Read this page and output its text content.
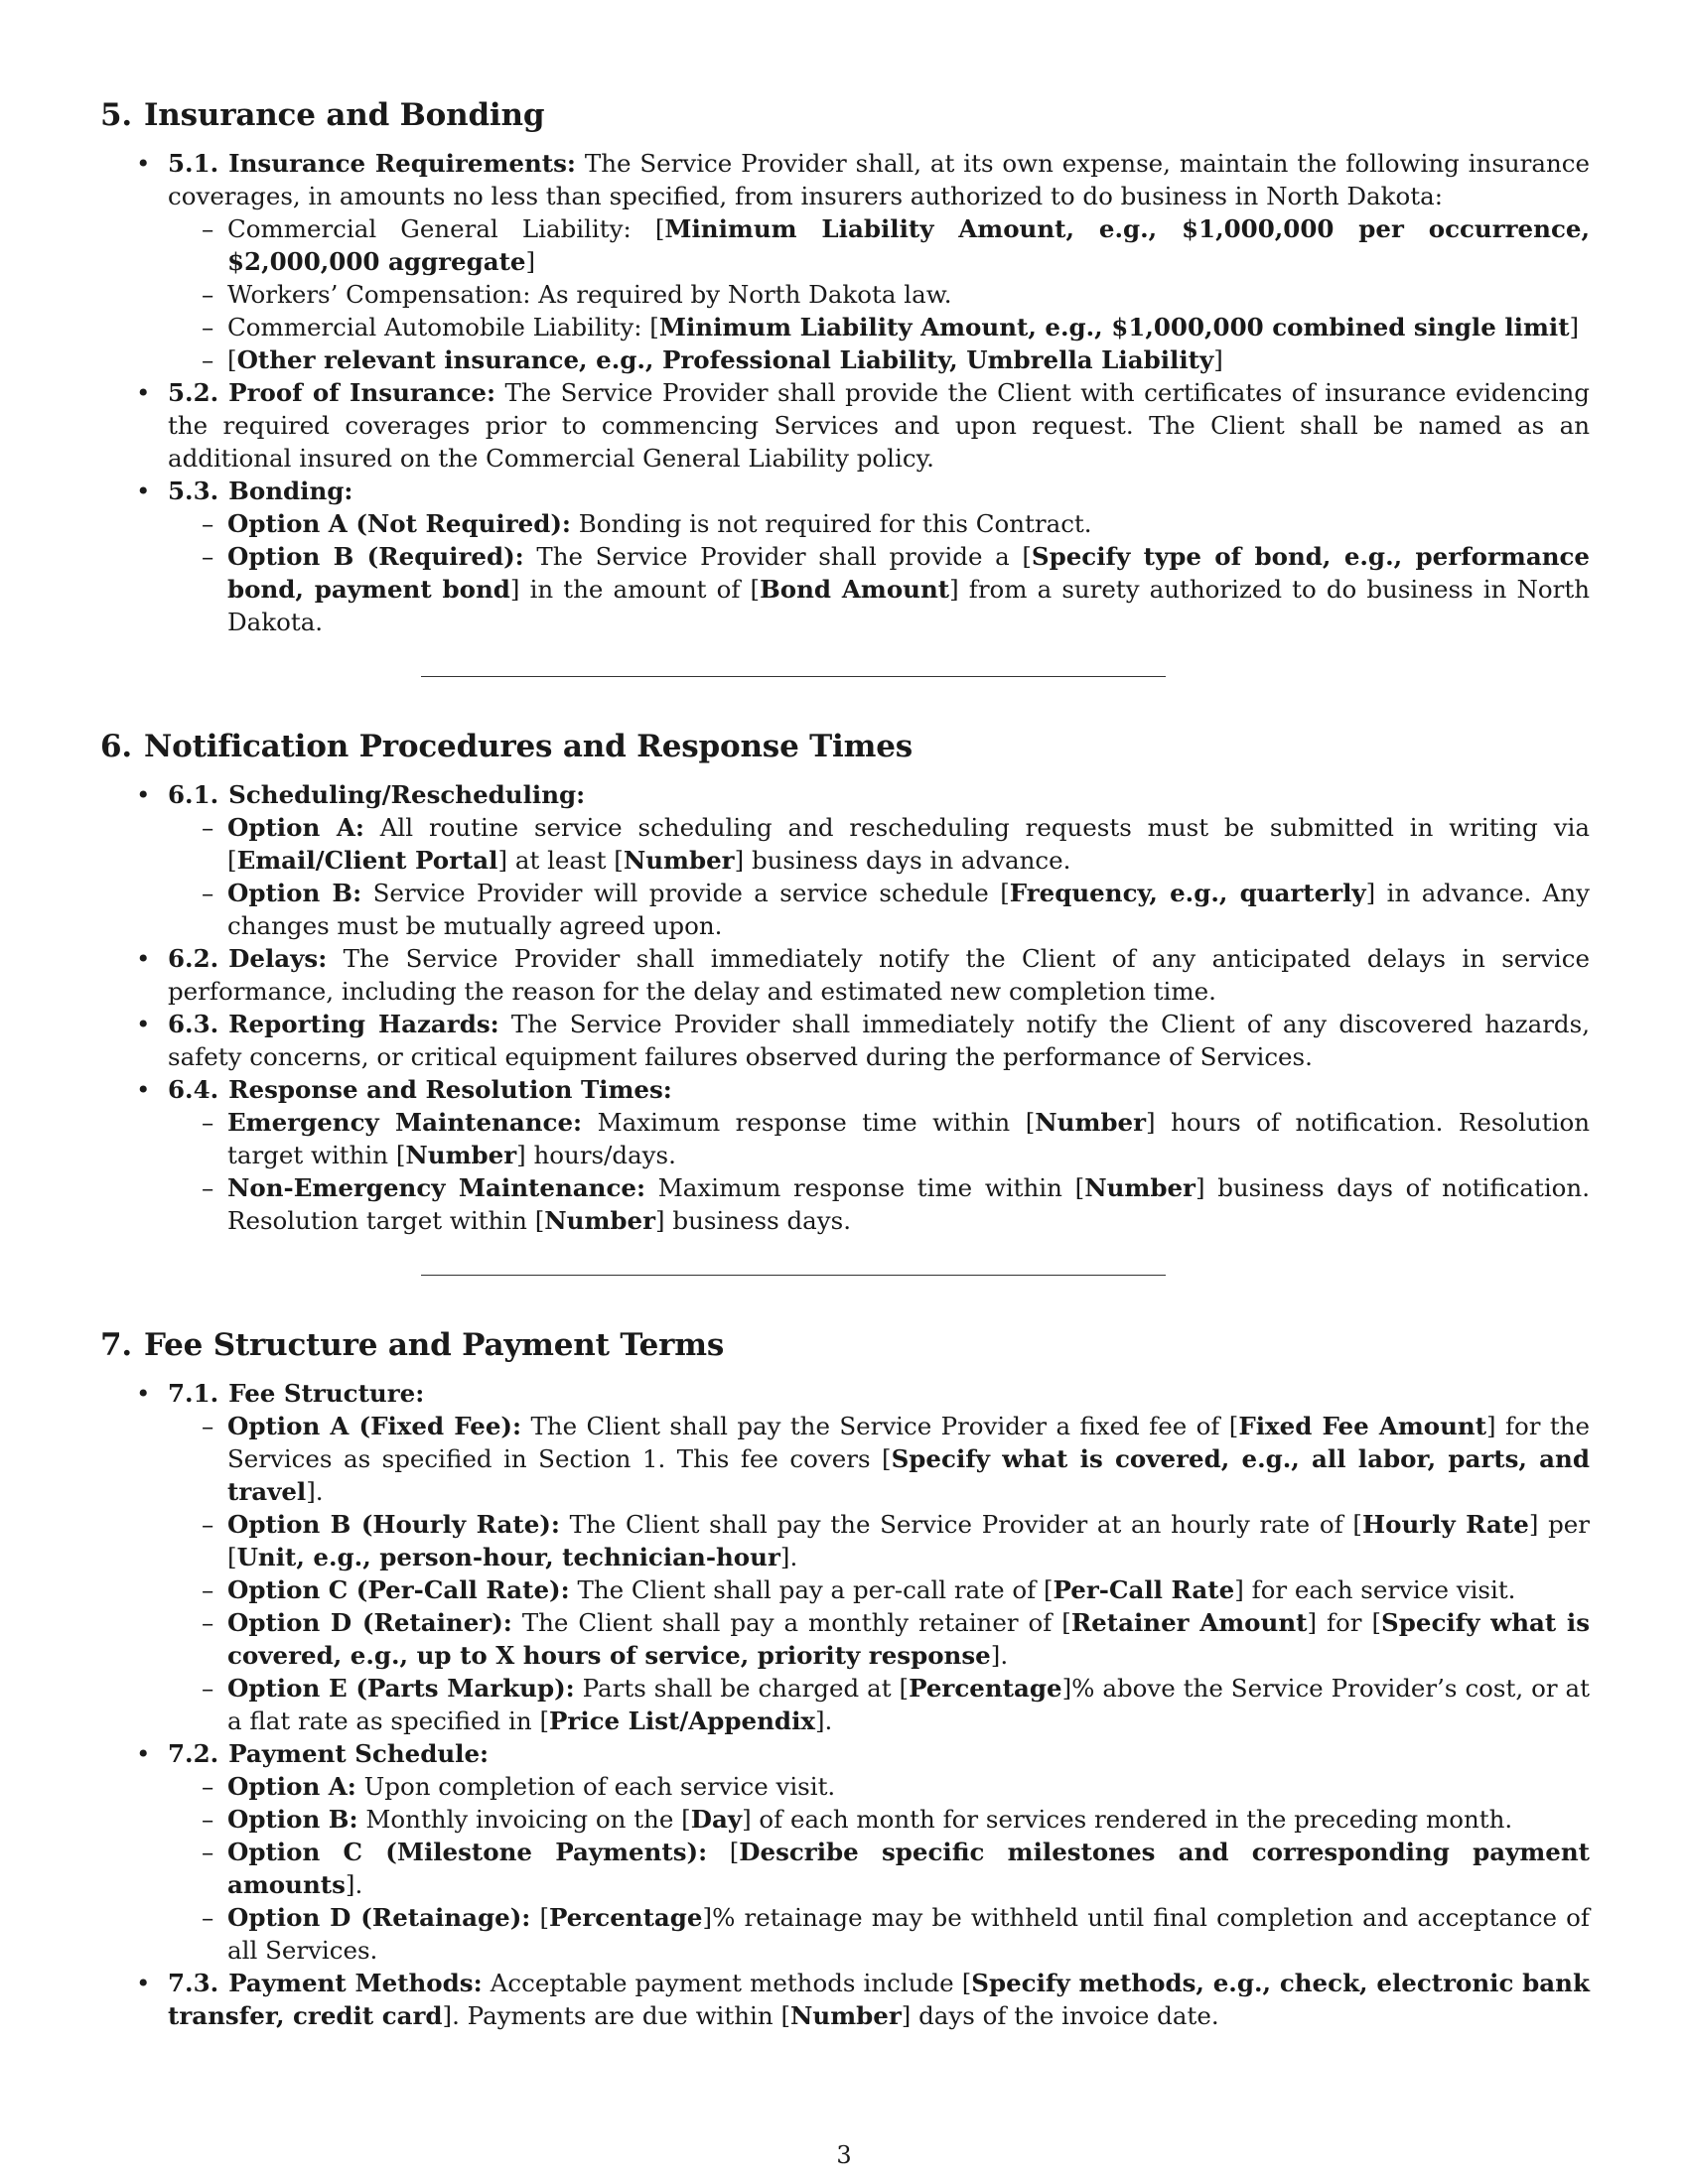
5. Insurance and Bonding
• 5.1. Insurance Requirements: The Service Provider shall, at its own expense, maintain the following insurance coverages, in amounts no less than specified, from insurers authorized to do business in North Dakota:
– Commercial General Liability: [Minimum Liability Amount, e.g., $1,000,000 per occurrence, $2,000,000 aggregate]
– Workers’ Compensation: As required by North Dakota law.
– Commercial Automobile Liability: [Minimum Liability Amount, e.g., $1,000,000 combined single limit]
– [Other relevant insurance, e.g., Professional Liability, Umbrella Liability]
• 5.2. Proof of Insurance: The Service Provider shall provide the Client with certificates of insurance evidencing the required coverages prior to commencing Services and upon request. The Client shall be named as an additional insured on the Commercial General Liability policy.
• 5.3. Bonding:
– Option A (Not Required): Bonding is not required for this Contract.
– Option B (Required): The Service Provider shall provide a [Specify type of bond, e.g., performance bond, payment bond] in the amount of [Bond Amount] from a surety authorized to do business in North Dakota.
6. Notification Procedures and Response Times
• 6.1. Scheduling/Rescheduling:
– Option A: All routine service scheduling and rescheduling requests must be submitted in writing via [Email/Client Portal] at least [Number] business days in advance.
– Option B: Service Provider will provide a service schedule [Frequency, e.g., quarterly] in advance. Any changes must be mutually agreed upon.
• 6.2. Delays: The Service Provider shall immediately notify the Client of any anticipated delays in service performance, including the reason for the delay and estimated new completion time.
• 6.3. Reporting Hazards: The Service Provider shall immediately notify the Client of any discovered hazards, safety concerns, or critical equipment failures observed during the performance of Services.
• 6.4. Response and Resolution Times:
– Emergency Maintenance: Maximum response time within [Number] hours of notification. Resolution target within [Number] hours/days.
– Non-Emergency Maintenance: Maximum response time within [Number] business days of notification. Resolution target within [Number] business days.
7. Fee Structure and Payment Terms
• 7.1. Fee Structure:
– Option A (Fixed Fee): The Client shall pay the Service Provider a fixed fee of [Fixed Fee Amount] for the Services as specified in Section 1. This fee covers [Specify what is covered, e.g., all labor, parts, and travel].
– Option B (Hourly Rate): The Client shall pay the Service Provider at an hourly rate of [Hourly Rate] per [Unit, e.g., person-hour, technician-hour].
– Option C (Per-Call Rate): The Client shall pay a per-call rate of [Per-Call Rate] for each service visit.
– Option D (Retainer): The Client shall pay a monthly retainer of [Retainer Amount] for [Specify what is covered, e.g., up to X hours of service, priority response].
– Option E (Parts Markup): Parts shall be charged at [Percentage]% above the Service Provider’s cost, or at a flat rate as specified in [Price List/Appendix].
• 7.2. Payment Schedule:
– Option A: Upon completion of each service visit.
– Option B: Monthly invoicing on the [Day] of each month for services rendered in the preceding month.
– Option C (Milestone Payments): [Describe specific milestones and corresponding payment amounts].
– Option D (Retainage): [Percentage]% retainage may be withheld until final completion and acceptance of all Services.
• 7.3. Payment Methods: Acceptable payment methods include [Specify methods, e.g., check, electronic bank transfer, credit card]. Payments are due within [Number] days of the invoice date.
3
